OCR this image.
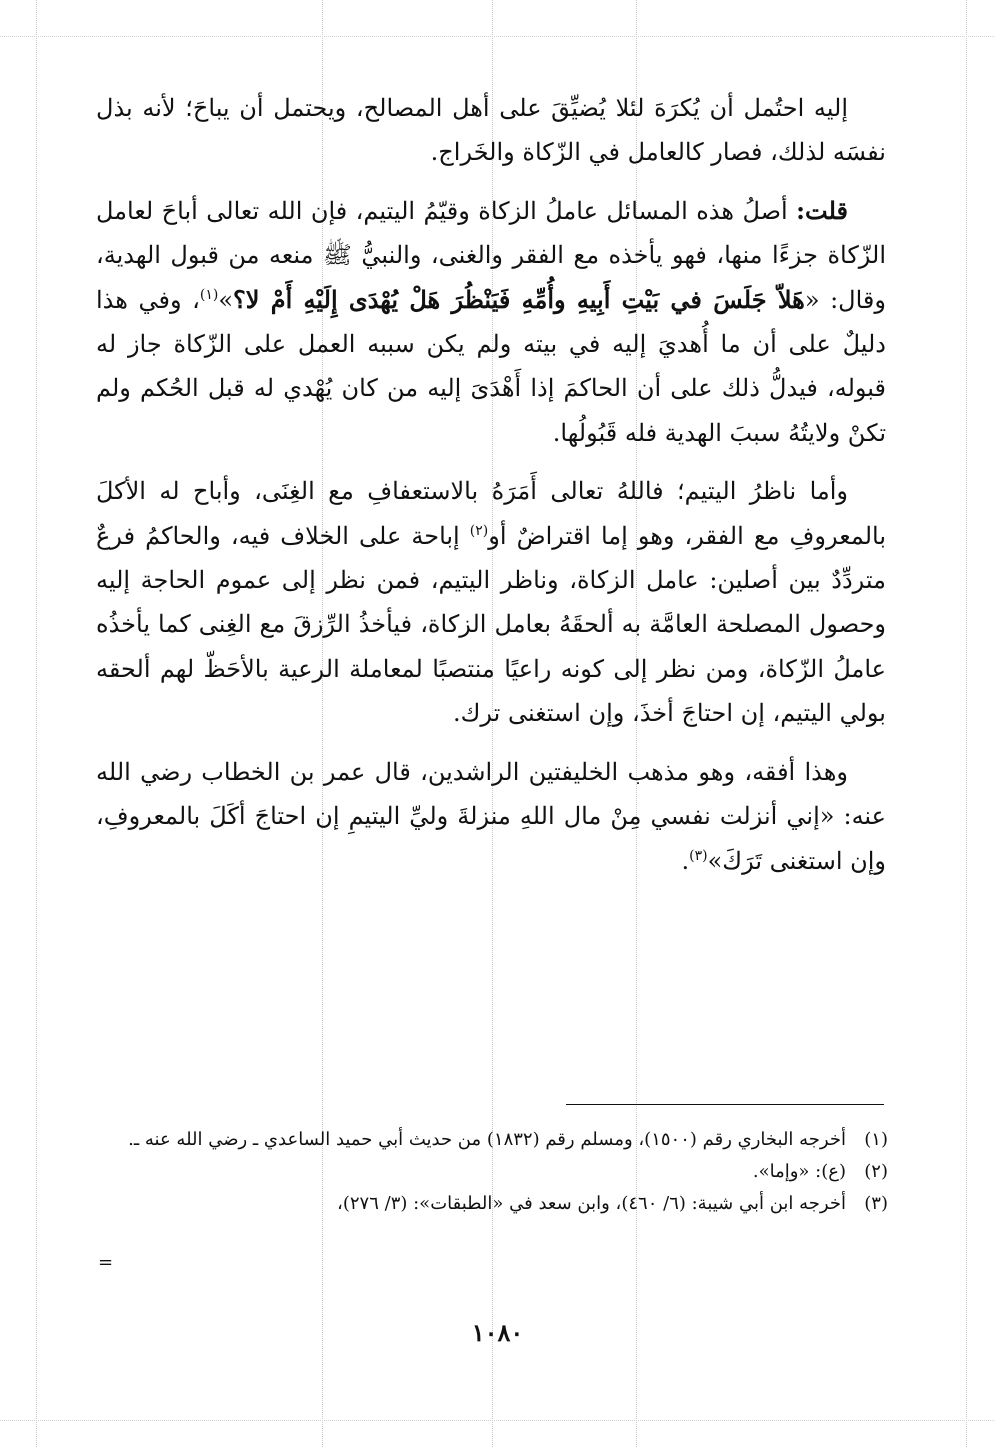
إليه احتُمل أن يُكرَهَ لئلا يُضيِّقَ على أهل المصالح، ويحتمل أن يباحَ؛ لأنه بذل نفسَه لذلك، فصار كالعامل في الزّكاة والخَراج.

قلت: أصلُ هذه المسائل عاملُ الزكاة وقيّمُ اليتيم، فإن الله تعالى أباحَ لعامل الزّكاة جزءًا منها، فهو يأخذه مع الفقر والغنى، والنبيُّ ﷺ منعه من قبول الهدية، وقال: «هَلاّ جَلَسَ في بَيْتِ أَبِيهِ وأُمِّهِ فَيَنْظُرَ هَلْ يُهْدَى إِلَيْهِ أَمْ لا؟»$^{(١)}$، وفي هذا دليلٌ على أن ما أُهديَ إليه في بيته ولم يكن سببه العمل على الزّكاة جاز له قبوله، فيدلُّ ذلك على أن الحاكمَ إذا أَهْدَىَ إليه من كان يُهْدي له قبل الحُكم ولم تكنْ ولايتُهُ سببَ الهدية فله قَبُولُها.

وأما ناظرُ اليتيم؛ فاللهُ تعالى أَمَرَهُ بالاستعفافِ مع الغِنَى، وأباح له الأكلَ بالمعروفِ مع الفقر، وهو إما اقتراضٌ أو$^{(٢)}$ إباحة على الخلاف فيه، والحاكمُ فرعٌ متردِّدٌ بين أصلين: عامل الزكاة، وناظر اليتيم، فمن نظر إلى عموم الحاجة إليه وحصول المصلحة العامَّة به ألحقَهُ بعامل الزكاة، فيأخذُ الرِّزقَ مع الغِنى كما يأخذُه عاملُ الزّكاة، ومن نظر إلى كونه راعيًا منتصبًا لمعاملة الرعية بالأحَظّ لهم ألحقه بولي اليتيم، إن احتاجَ أخذَ، وإن استغنى ترك.

وهذا أفقه، وهو مذهب الخليفتين الراشدين، قال عمر بن الخطاب رضي الله عنه: «إني أنزلت نفسي مِنْ مال اللهِ منزلةَ وليِّ اليتيمِ إن احتاجَ أكَلَ بالمعروفِ، وإن استغنى تَرَكَ»$^{(٣)}$.

(١)
أخرجه البخاري رقم (١٥٠٠)، ومسلم رقم (١٨٣٢) من حديث أبي حميد الساعدي ـ رضي الله عنه ـ.

(٢)
(ع): «وإما».

(٣)
أخرجه ابن أبي شيبة: (٦/ ٤٦٠)، وابن سعد في «الطبقات»: (٣/ ٢٧٦)،

=
١٠٨٠
